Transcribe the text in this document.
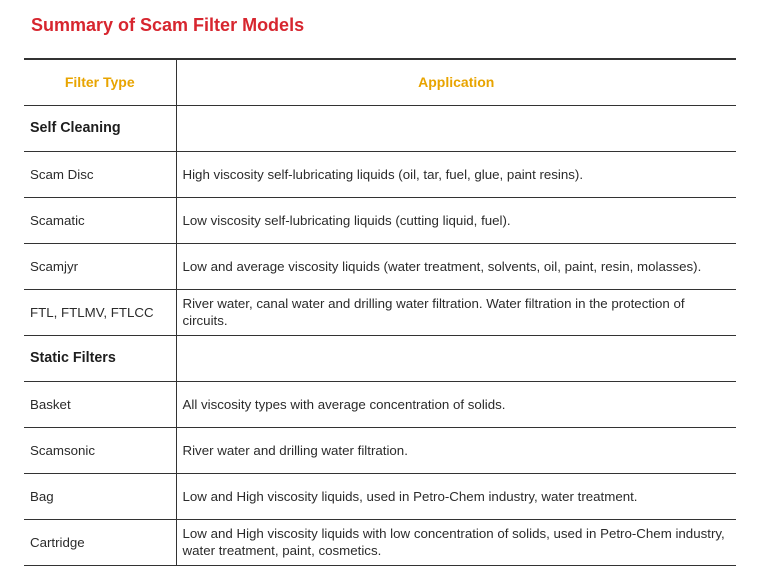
Summary of Scam Filter Models
Filter Type	Application
Self Cleaning	
Scam Disc	High viscosity self-lubricating liquids (oil, tar, fuel, glue, paint resins).
Scamatic	Low viscosity self-lubricating liquids (cutting liquid, fuel).
Scamjyr	Low and average viscosity liquids (water treatment, solvents, oil, paint, resin, molasses).
FTL, FTLMV, FTLCC	River water, canal water and drilling water filtration. Water filtration in the protection of circuits.
Static Filters	
Basket	All viscosity types with average concentration of solids.
Scamsonic	River water and drilling water filtration.
Bag	Low and High viscosity liquids, used in Petro-Chem industry, water treatment.
Cartridge	Low and High viscosity liquids with low concentration of solids, used in Petro-Chem industry, water treatment, paint, cosmetics.
